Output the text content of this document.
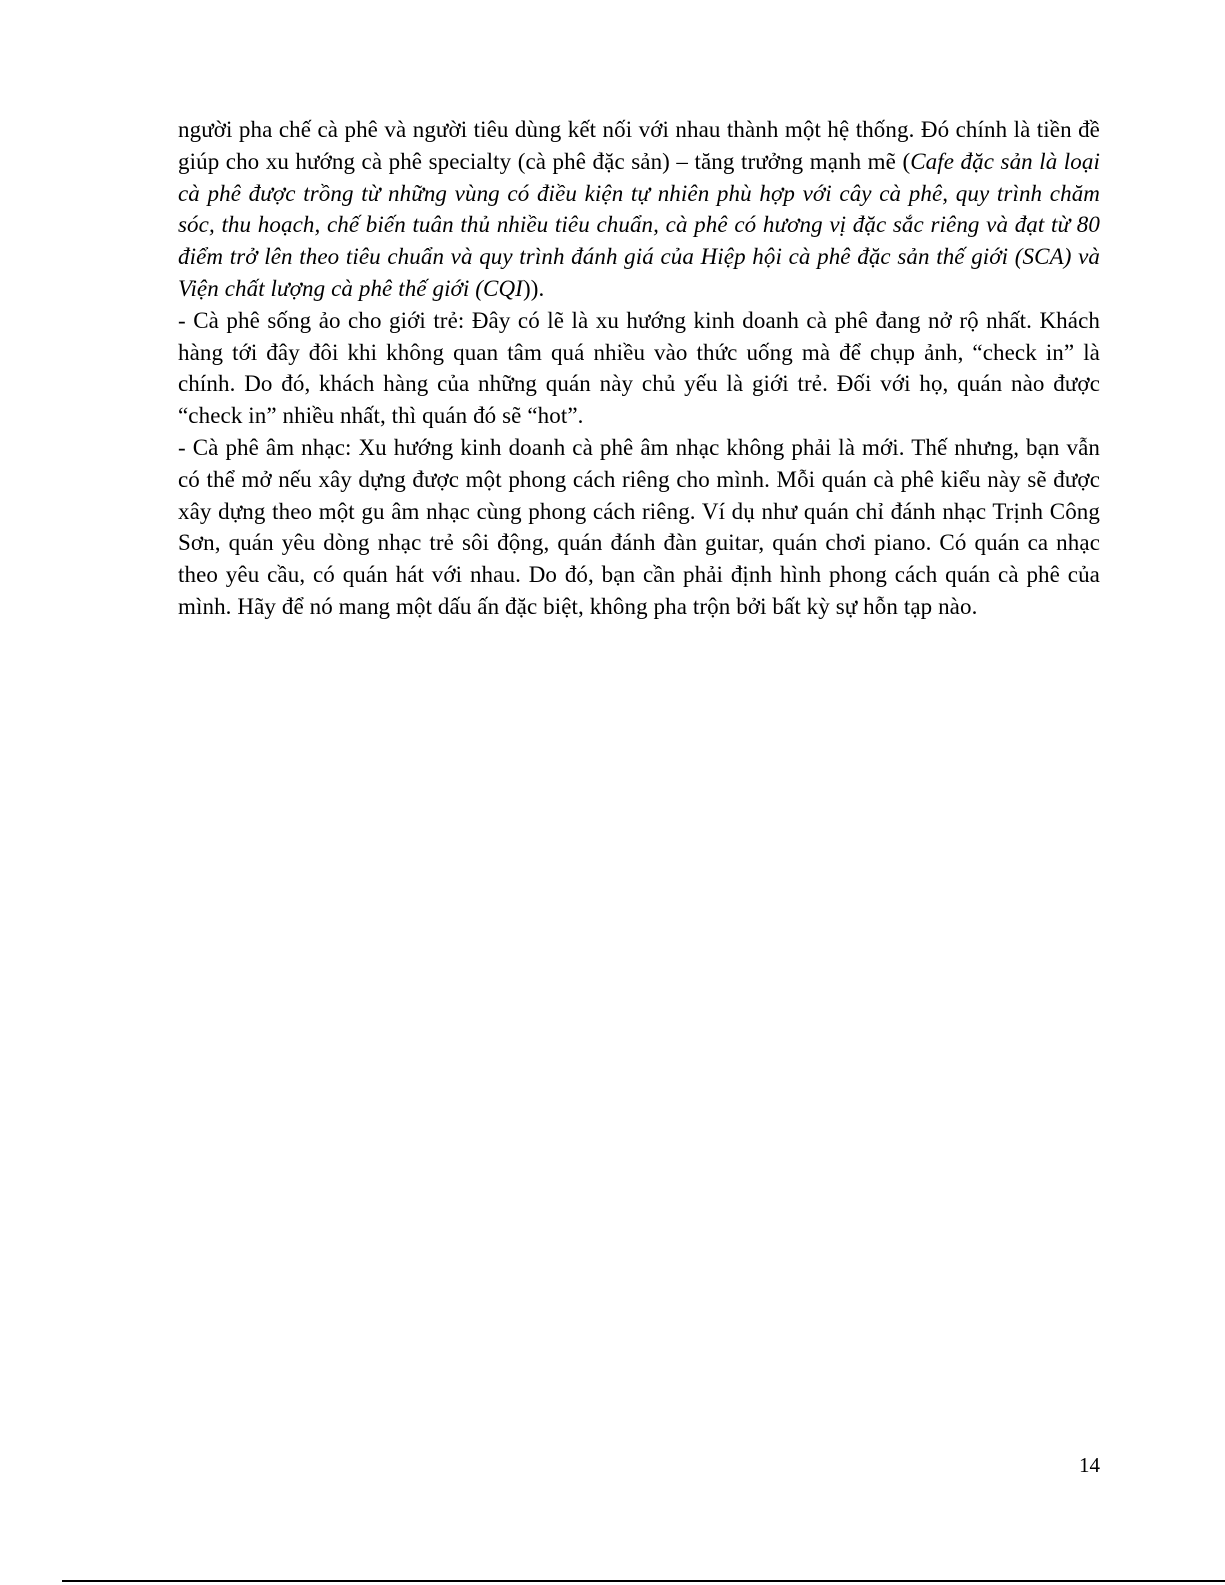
người pha chế cà phê và người tiêu dùng kết nối với nhau thành một hệ thống. Đó chính là tiền đề giúp cho xu hướng cà phê specialty (cà phê đặc sản) – tăng trưởng mạnh mẽ (Cafe đặc sản là loại cà phê được trồng từ những vùng có điều kiện tự nhiên phù hợp với cây cà phê, quy trình chăm sóc, thu hoạch, chế biến tuân thủ nhiều tiêu chuẩn, cà phê có hương vị đặc sắc riêng và đạt từ 80 điểm trở lên theo tiêu chuẩn và quy trình đánh giá của Hiệp hội cà phê đặc sản thế giới (SCA) và Viện chất lượng cà phê thế giới (CQI)).

- Cà phê sống ảo cho giới trẻ: Đây có lẽ là xu hướng kinh doanh cà phê đang nở rộ nhất. Khách hàng tới đây đôi khi không quan tâm quá nhiều vào thức uống mà để chụp ảnh, “check in” là chính. Do đó, khách hàng của những quán này chủ yếu là giới trẻ. Đối với họ, quán nào được “check in” nhiều nhất, thì quán đó sẽ “hot”.

- Cà phê âm nhạc: Xu hướng kinh doanh cà phê âm nhạc không phải là mới. Thế nhưng, bạn vẫn có thể mở nếu xây dựng được một phong cách riêng cho mình. Mỗi quán cà phê kiểu này sẽ được xây dựng theo một gu âm nhạc cùng phong cách riêng. Ví dụ như quán chỉ đánh nhạc Trịnh Công Sơn, quán yêu dòng nhạc trẻ sôi động, quán đánh đàn guitar, quán chơi piano. Có quán ca nhạc theo yêu cầu, có quán hát với nhau. Do đó, bạn cần phải định hình phong cách quán cà phê của mình. Hãy để nó mang một dấu ấn đặc biệt, không pha trộn bởi bất kỳ sự hỗn tạp nào.

14
